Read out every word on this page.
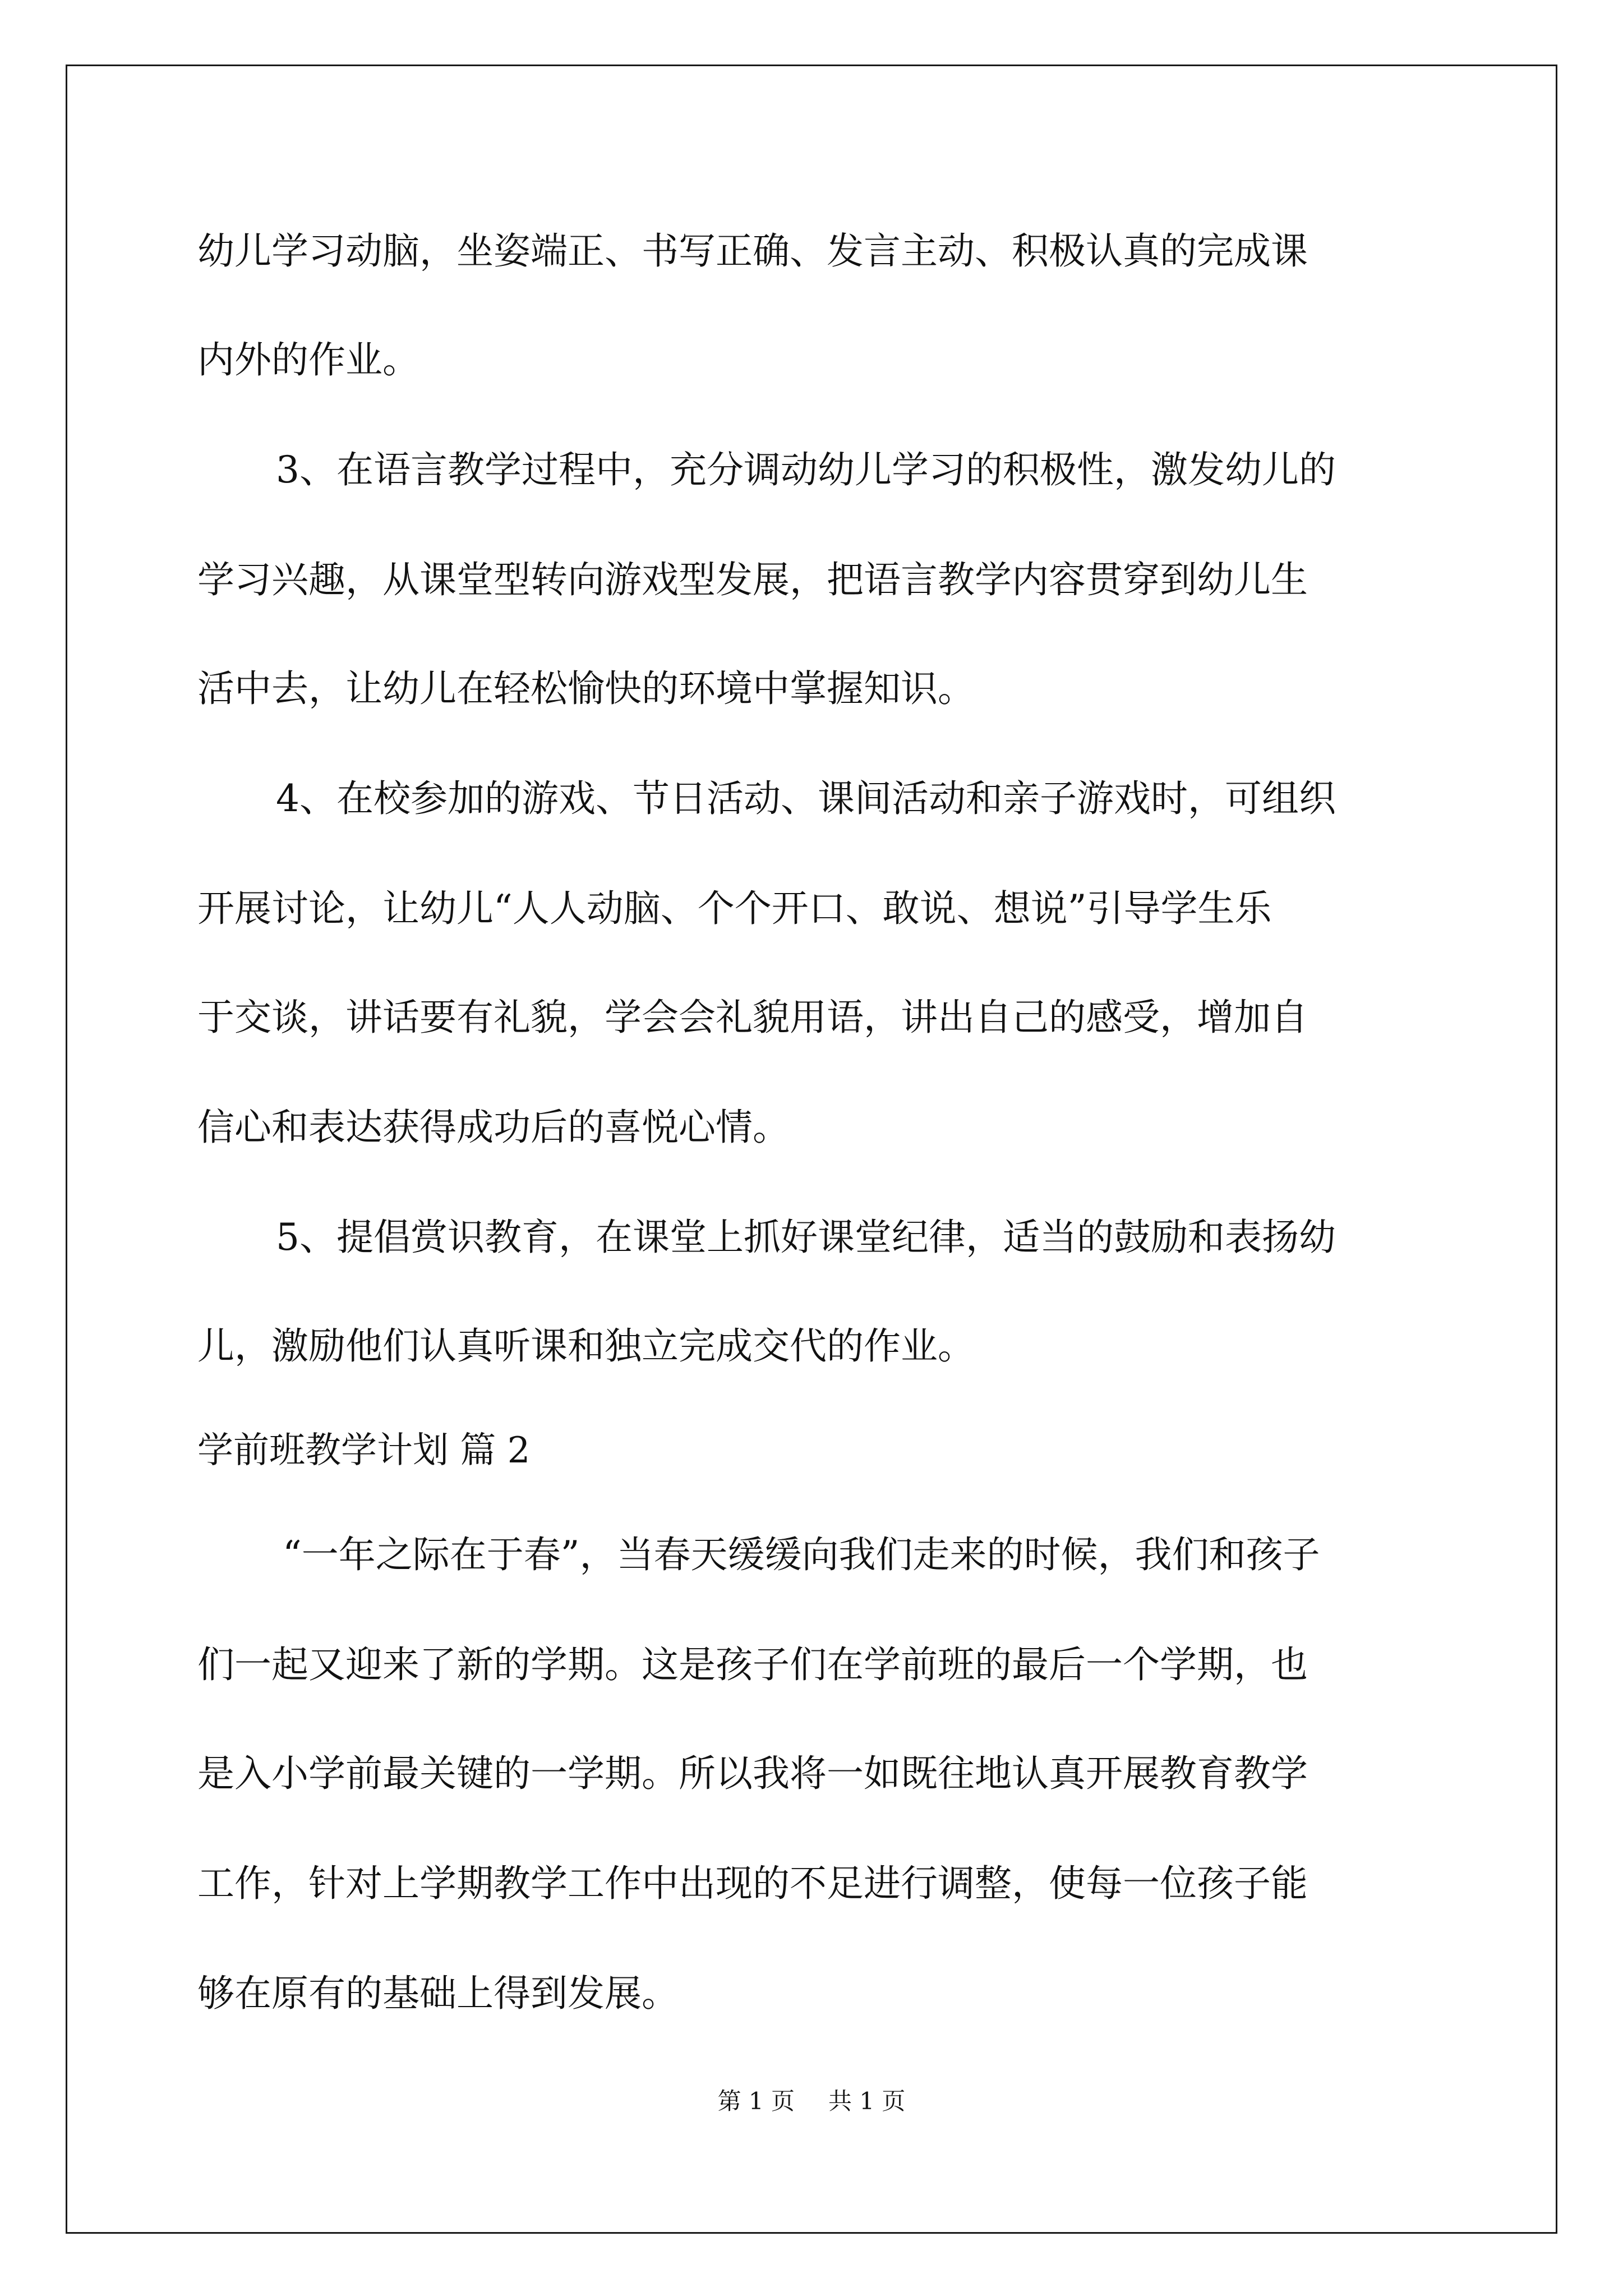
幼儿学习动脑，坐姿端正、书写正确、发言主动、积极认真的完成课
内外的作业。
3、在语言教学过程中，充分调动幼儿学习的积极性，激发幼儿的
学习兴趣，从课堂型转向游戏型发展，把语言教学内容贯穿到幼儿生
活中去，让幼儿在轻松愉快的环境中掌握知识。
4、在校参加的游戏、节日活动、课间活动和亲子游戏时，可组织
开展讨论，让幼儿“人人动脑、个个开口、敢说、想说”引导学生乐
于交谈，讲话要有礼貌，学会会礼貌用语，讲出自己的感受，增加自
信心和表达获得成功后的喜悦心情。
5、提倡赏识教育，在课堂上抓好课堂纪律，适当的鼓励和表扬幼
儿，激励他们认真听课和独立完成交代的作业。
学前班教学计划 篇 2
“一年之际在于春”，当春天缓缓向我们走来的时候，我们和孩子
们一起又迎来了新的学期。这是孩子们在学前班的最后一个学期，也
是入小学前最关键的一学期。所以我将一如既往地认真开展教育教学
工作，针对上学期教学工作中出现的不足进行调整，使每一位孩子能
够在原有的基础上得到发展。
第 1 页 共 1 页
